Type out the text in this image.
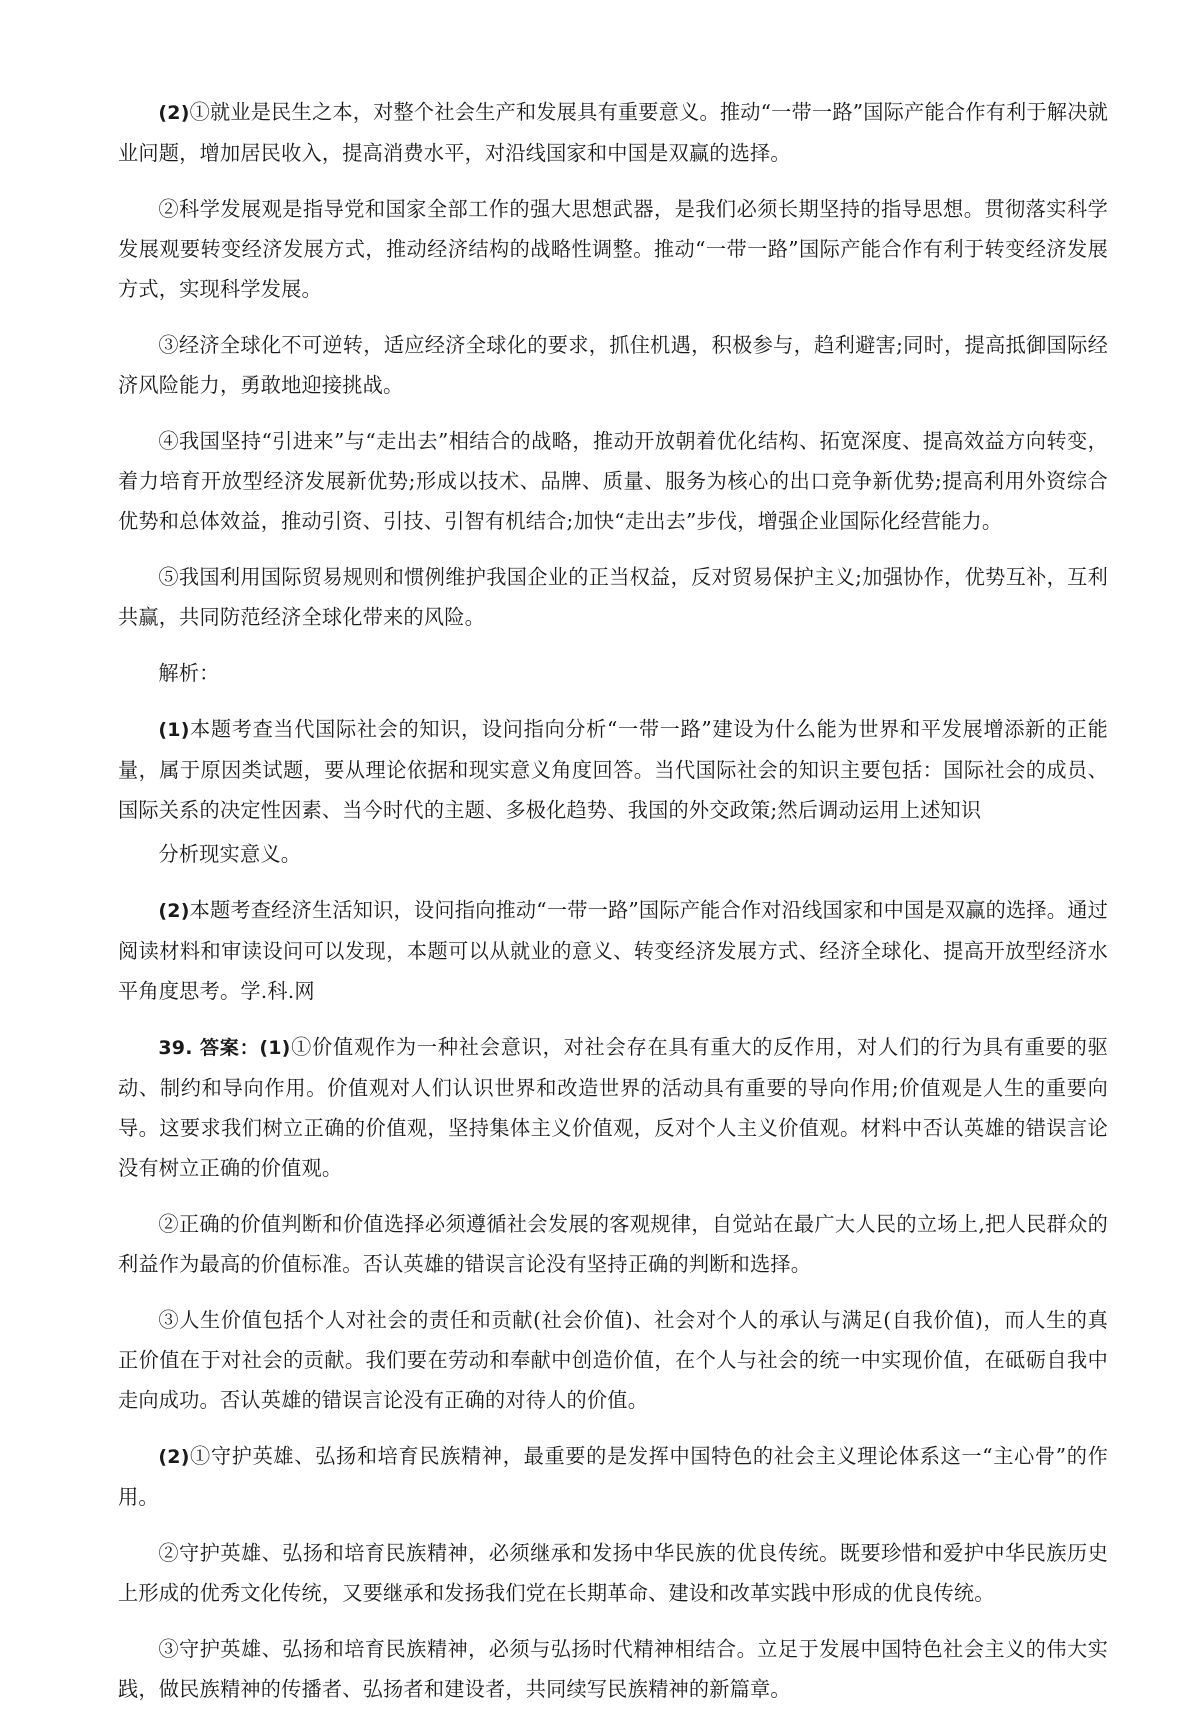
(2)①就业是民生之本，对整个社会生产和发展具有重要意义。推动“一带一路”国际产能合作有利于解决就业问题，增加居民收入，提高消费水平，对沿线国家和中国是双赢的选择。

②科学发展观是指导党和国家全部工作的强大思想武器，是我们必须长期坚持的指导思想。贯彻落实科学发展观要转变经济发展方式，推动经济结构的战略性调整。推动“一带一路”国际产能合作有利于转变经济发展方式，实现科学发展。

③经济全球化不可逆转，适应经济全球化的要求，抓住机遇，积极参与，趋利避害;同时，提高抵御国际经济风险能力，勇敢地迎接挑战。

④我国坚持“引进来”与“走出去”相结合的战略，推动开放朝着优化结构、拓宽深度、提高效益方向转变，着力培育开放型经济发展新优势;形成以技术、品牌、质量、服务为核心的出口竞争新优势;提高利用外资综合优势和总体效益，推动引资、引技、引智有机结合;加快“走出去”步伐，增强企业国际化经营能力。

⑤我国利用国际贸易规则和惯例维护我国企业的正当权益，反对贸易保护主义;加强协作，优势互补，互利共赢，共同防范经济全球化带来的风险。

解析：

(1)本题考查当代国际社会的知识，设问指向分析“一带一路”建设为什么能为世界和平发展增添新的正能量，属于原因类试题，要从理论依据和现实意义角度回答。当代国际社会的知识主要包括：国际社会的成员、国际关系的决定性因素、当今时代的主题、多极化趋势、我国的外交政策;然后调动运用上述知识

分析现实意义。

(2)本题考查经济生活知识，设问指向推动“一带一路”国际产能合作对沿线国家和中国是双赢的选择。通过阅读材料和审读设问可以发现，本题可以从就业的意义、转变经济发展方式、经济全球化、提高开放型经济水平角度思考。学.科.网

39. 答案：(1)①价值观作为一种社会意识，对社会存在具有重大的反作用，对人们的行为具有重要的驱动、制约和导向作用。价值观对人们认识世界和改造世界的活动具有重要的导向作用;价值观是人生的重要向导。这要求我们树立正确的价值观，坚持集体主义价值观，反对个人主义价值观。材料中否认英雄的错误言论没有树立正确的价值观。

②正确的价值判断和价值选择必须遵循社会发展的客观规律，自觉站在最广大人民的立场上,把人民群众的利益作为最高的价值标准。否认英雄的错误言论没有坚持正确的判断和选择。

③人生价值包括个人对社会的责任和贡献(社会价值)、社会对个人的承认与满足(自我价值)，而人生的真正价值在于对社会的贡献。我们要在劳动和奉献中创造价值，在个人与社会的统一中实现价值，在砥砺自我中走向成功。否认英雄的错误言论没有正确的对待人的价值。

(2)①守护英雄、弘扬和培育民族精神，最重要的是发挥中国特色的社会主义理论体系这一“主心骨”的作用。

②守护英雄、弘扬和培育民族精神，必须继承和发扬中华民族的优良传统。既要珍惜和爱护中华民族历史上形成的优秀文化传统，又要继承和发扬我们党在长期革命、建设和改革实践中形成的优良传统。

③守护英雄、弘扬和培育民族精神，必须与弘扬时代精神相结合。立足于发展中国特色社会主义的伟大实践，做民族精神的传播者、弘扬者和建设者，共同续写民族精神的新篇章。
